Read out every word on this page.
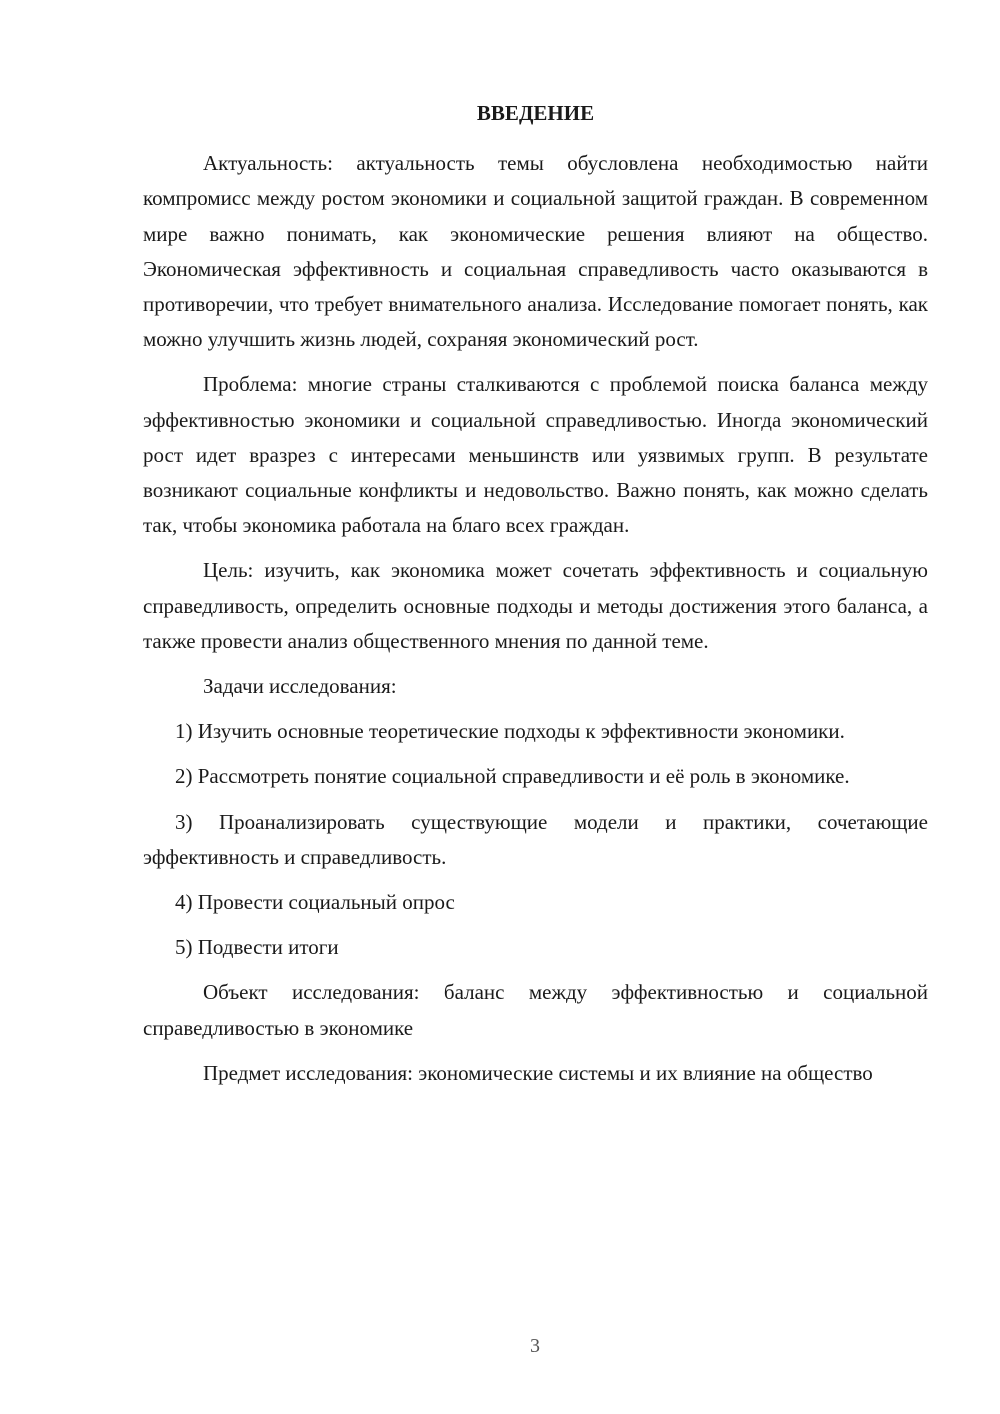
ВВЕДЕНИЕ

Актуальность: актуальность темы обусловлена необходимостью найти компромисс между ростом экономики и социальной защитой граждан. В современном мире важно понимать, как экономические решения влияют на общество. Экономическая эффективность и социальная справедливость часто оказываются в противоречии, что требует внимательного анализа. Исследование помогает понять, как можно улучшить жизнь людей, сохраняя экономический рост.

Проблема: многие страны сталкиваются с проблемой поиска баланса между эффективностью экономики и социальной справедливостью. Иногда экономический рост идет вразрез с интересами меньшинств или уязвимых групп. В результате возникают социальные конфликты и недовольство. Важно понять, как можно сделать так, чтобы экономика работала на благо всех граждан.

Цель: изучить, как экономика может сочетать эффективность и социальную справедливость, определить основные подходы и методы достижения этого баланса, а также провести анализ общественного мнения по данной теме.

Задачи исследования:

1) Изучить основные теоретические подходы к эффективности экономики.

2) Рассмотреть понятие социальной справедливости и её роль в экономике.

3) Проанализировать существующие модели и практики, сочетающие эффективность и справедливость.

4) Провести социальный опрос

5) Подвести итоги

Объект исследования: баланс между эффективностью и социальной справедливостью в экономике

Предмет исследования: экономические системы и их влияние на общество

3
